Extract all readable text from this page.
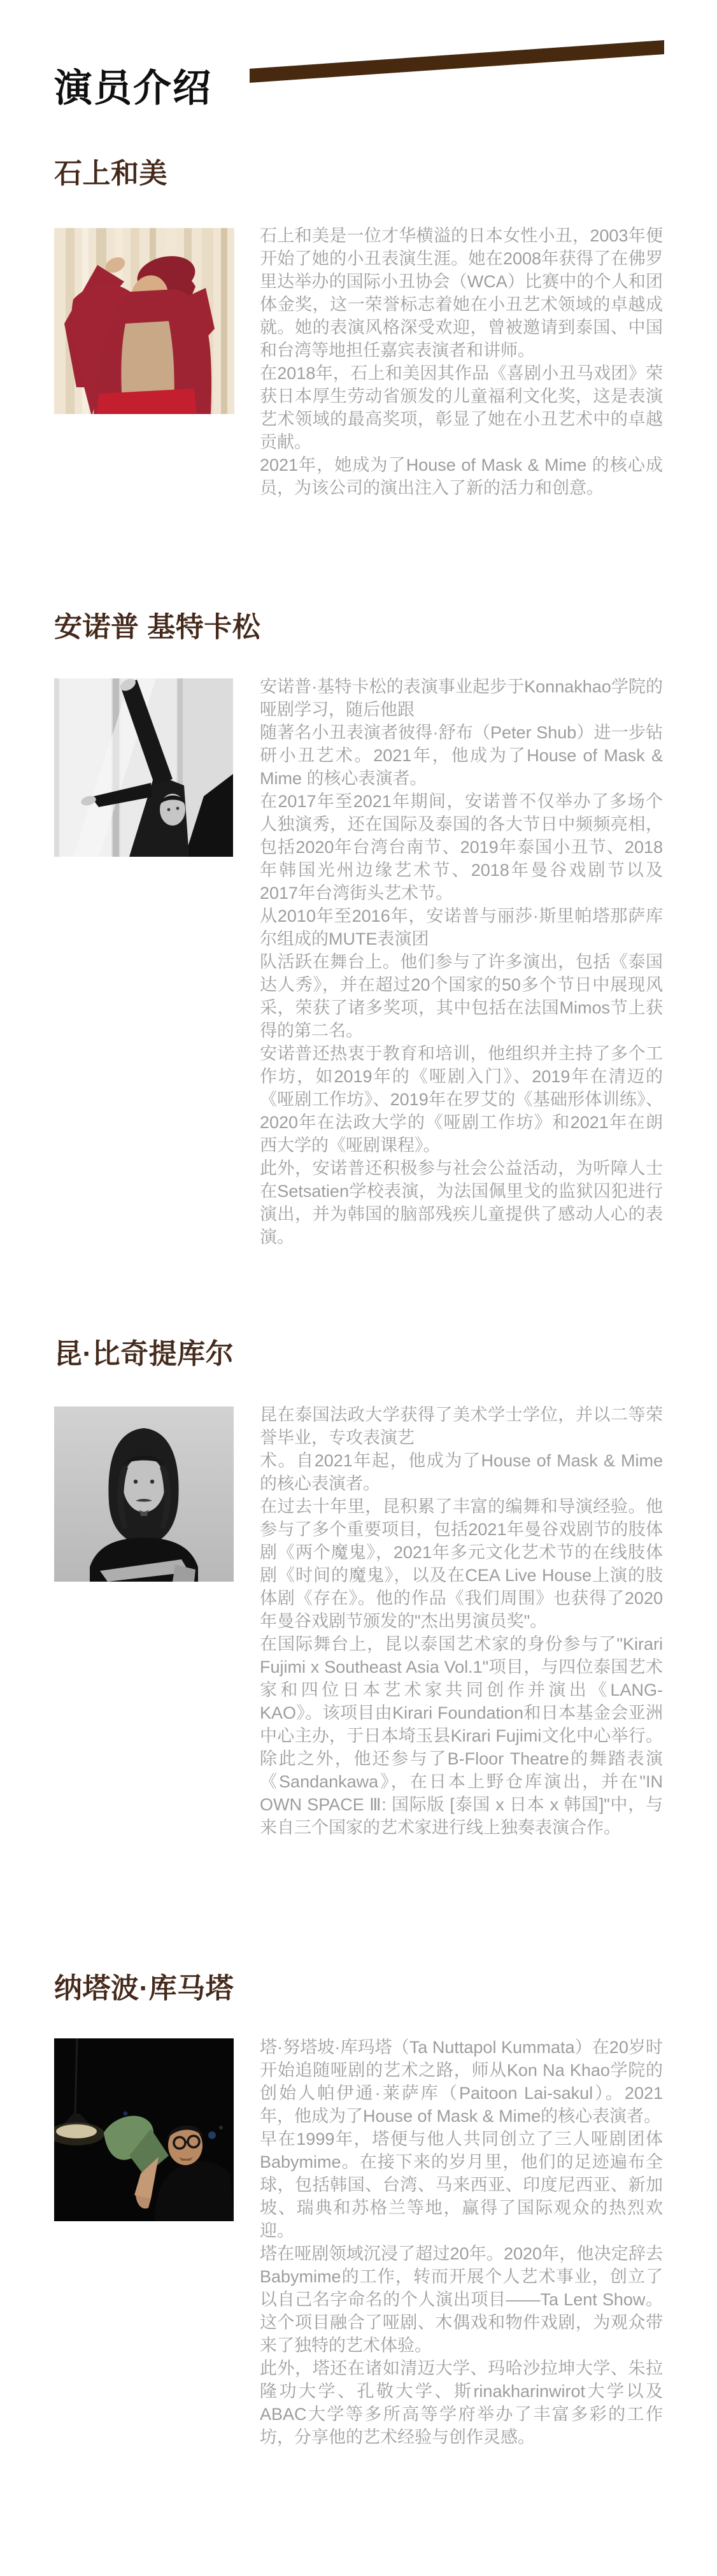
演员介绍
石上和美

石上和美是一位才华横溢的日本女性小丑，2003年便开始了她的小丑表演生涯。她在2008年获得了在佛罗里达举办的国际小丑协会（WCA）比赛中的个人和团体金奖，这一荣誉标志着她在小丑艺术领域的卓越成就。她的表演风格深受欢迎，曾被邀请到泰国、中国和台湾等地担任嘉宾表演者和讲师。

在2018年，石上和美因其作品《喜剧小丑马戏团》荣获日本厚生劳动省颁发的儿童福利文化奖，这是表演艺术领域的最高奖项，彰显了她在小丑艺术中的卓越贡献。

2021年，她成为了House of Mask & Mime 的核心成员，为该公司的演出注入了新的活力和创意。

安诺普 基特卡松

安诺普·基特卡松的表演事业起步于Konnakhao学院的哑剧学习，随后他跟

随著名小丑表演者彼得·舒布（Peter Shub）进一步钻研小丑艺术。2021年，他成为了House of Mask & Mime 的核心表演者。

在2017年至2021年期间，安诺普不仅举办了多场个人独演秀，还在国际及泰国的各大节日中频频亮相，包括2020年台湾台南节、2019年泰国小丑节、2018年韩国光州边缘艺术节、2018年曼谷戏剧节以及2017年台湾街头艺术节。

从2010年至2016年，安诺普与丽莎·斯里帕塔那萨库尔组成的MUTE表演团

队活跃在舞台上。他们参与了许多演出，包括《泰国达人秀》，并在超过20个国家的50多个节日中展现风采，荣获了诸多奖项，其中包括在法国Mimos节上获得的第二名。

安诺普还热衷于教育和培训，他组织并主持了多个工作坊，如2019年的《哑剧入门》、2019年在清迈的《哑剧工作坊》、2019年在罗艾的《基础形体训练》、2020年在法政大学的《哑剧工作坊》和2021年在朗西大学的《哑剧课程》。

此外，安诺普还积极参与社会公益活动，为听障人士在Setsatien学校表演，为法国佩里戈的监狱囚犯进行演出，并为韩国的脑部残疾儿童提供了感动人心的表演。

昆·比奇提库尔

昆在泰国法政大学获得了美术学士学位，并以二等荣誉毕业，专攻表演艺

术。自2021年起，他成为了House of Mask & Mime 的核心表演者。

在过去十年里，昆积累了丰富的编舞和导演经验。他参与了多个重要项目，包括2021年曼谷戏剧节的肢体剧《两个魔鬼》，2021年多元文化艺术节的在线肢体剧《时间的魔鬼》，以及在CEA Live House上演的肢体剧《存在》。他的作品《我们周围》也获得了2020年曼谷戏剧节颁发的"杰出男演员奖"。

在国际舞台上，昆以泰国艺术家的身份参与了"Kirari Fujimi x Southeast Asia Vol.1"项目，与四位泰国艺术家和四位日本艺术家共同创作并演出《LANG-KAO》。该项目由Kirari Foundation和日本基金会亚洲中心主办，于日本埼玉县Kirari Fujimi文化中心举行。除此之外，他还参与了B-Floor Theatre的舞踏表演《Sandankawa》，在日本上野仓库演出，并在"IN OWN SPACE Ⅲ: 国际版 [泰国 x 日本 x 韩国]"中，与来自三个国家的艺术家进行线上独奏表演合作。

纳塔波·库马塔

塔·努塔坡·库玛塔（Ta Nuttapol Kummata）在20岁时开始追随哑剧的艺术之路，师从Kon Na Khao学院的创始人帕伊通·莱萨库（Paitoon Lai-sakul）。2021年，他成为了House of Mask & Mime的核心表演者。

早在1999年，塔便与他人共同创立了三人哑剧团体Babymime。在接下来的岁月里，他们的足迹遍布全球，包括韩国、台湾、马来西亚、印度尼西亚、新加坡、瑞典和苏格兰等地，赢得了国际观众的热烈欢迎。

塔在哑剧领域沉浸了超过20年。2020年，他决定辞去Babymime的工作，转而开展个人艺术事业，创立了以自己名字命名的个人演出项目——Ta Lent Show。这个项目融合了哑剧、木偶戏和物件戏剧，为观众带来了独特的艺术体验。

此外，塔还在诸如清迈大学、玛哈沙拉坤大学、朱拉隆功大学、孔敬大学、斯rinakharinwirot大学以及ABAC大学等多所高等学府举办了丰富多彩的工作坊，分享他的艺术经验与创作灵感。
